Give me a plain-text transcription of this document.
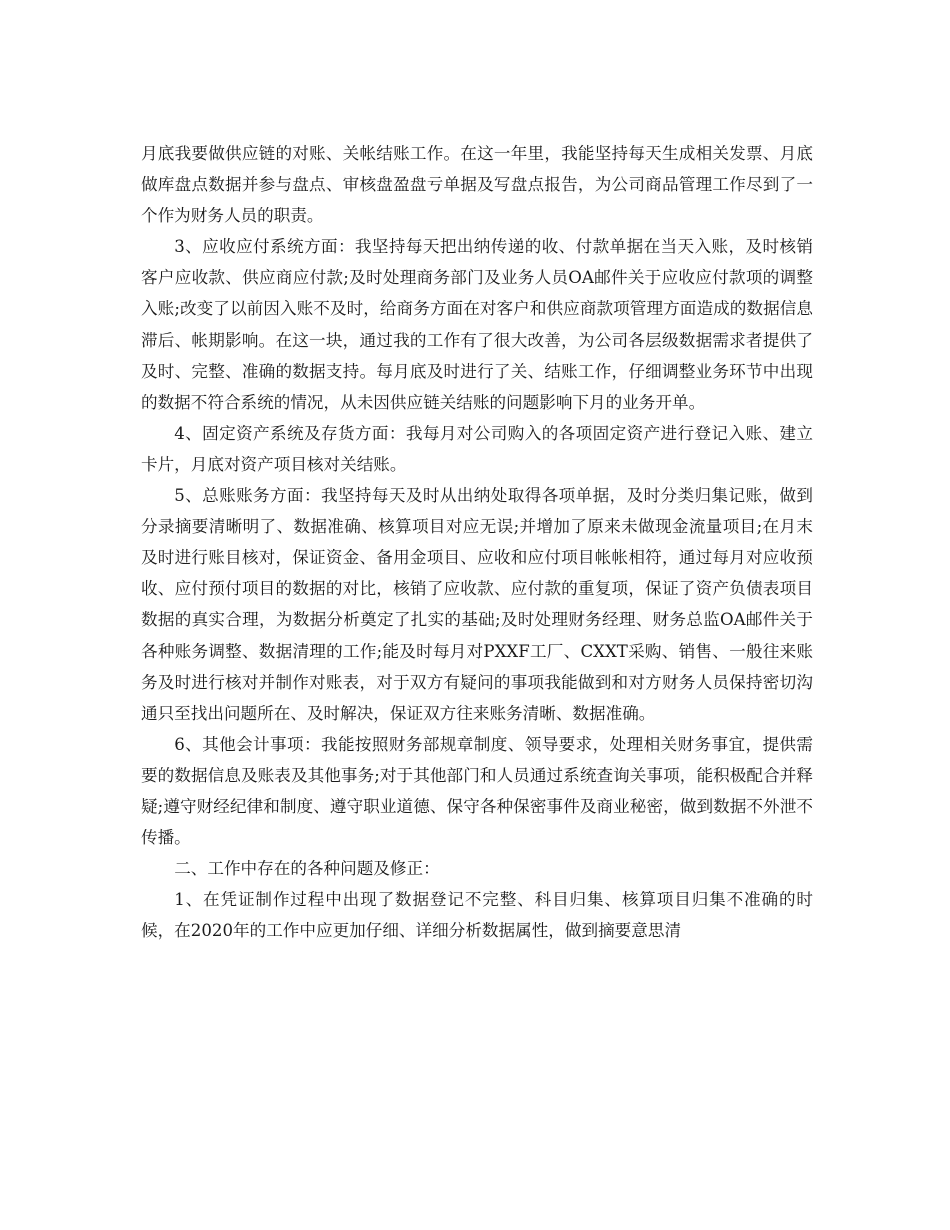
月底我要做供应链的对账、关帐结账工作。在这一年里，我能坚持每天生成相关发票、月底做库盘点数据并参与盘点、审核盘盈盘亏单据及写盘点报告，为公司商品管理工作尽到了一个作为财务人员的职责。

3、应收应付系统方面：我坚持每天把出纳传递的收、付款单据在当天入账，及时核销客户应收款、供应商应付款;及时处理商务部门及业务人员OA邮件关于应收应付款项的调整入账;改变了以前因入账不及时，给商务方面在对客户和供应商款项管理方面造成的数据信息滞后、帐期影响。在这一块，通过我的工作有了很大改善，为公司各层级数据需求者提供了及时、完整、准确的数据支持。每月底及时进行了关、结账工作，仔细调整业务环节中出现的数据不符合系统的情况，从未因供应链关结账的问题影响下月的业务开单。

4、固定资产系统及存货方面：我每月对公司购入的各项固定资产进行登记入账、建立卡片，月底对资产项目核对关结账。

5、总账账务方面：我坚持每天及时从出纳处取得各项单据，及时分类归集记账，做到分录摘要清晰明了、数据准确、核算项目对应无误;并增加了原来未做现金流量项目;在月末及时进行账目核对，保证资金、备用金项目、应收和应付项目帐帐相符，通过每月对应收预收、应付预付项目的数据的对比，核销了应收款、应付款的重复项，保证了资产负债表项目数据的真实合理，为数据分析奠定了扎实的基础;及时处理财务经理、财务总监OA邮件关于各种账务调整、数据清理的工作;能及时每月对PXXF工厂、CXXT采购、销售、一般往来账务及时进行核对并制作对账表，对于双方有疑问的事项我能做到和对方财务人员保持密切沟通只至找出问题所在、及时解决，保证双方往来账务清晰、数据准确。

6、其他会计事项：我能按照财务部规章制度、领导要求，处理相关财务事宜，提供需要的数据信息及账表及其他事务;对于其他部门和人员通过系统查询关事项，能积极配合并释疑;遵守财经纪律和制度、遵守职业道德、保守各种保密事件及商业秘密，做到数据不外泄不传播。

二、工作中存在的各种问题及修正：

1、在凭证制作过程中出现了数据登记不完整、科目归集、核算项目归集不准确的时候，在2020年的工作中应更加仔细、详细分析数据属性，做到摘要意思清
